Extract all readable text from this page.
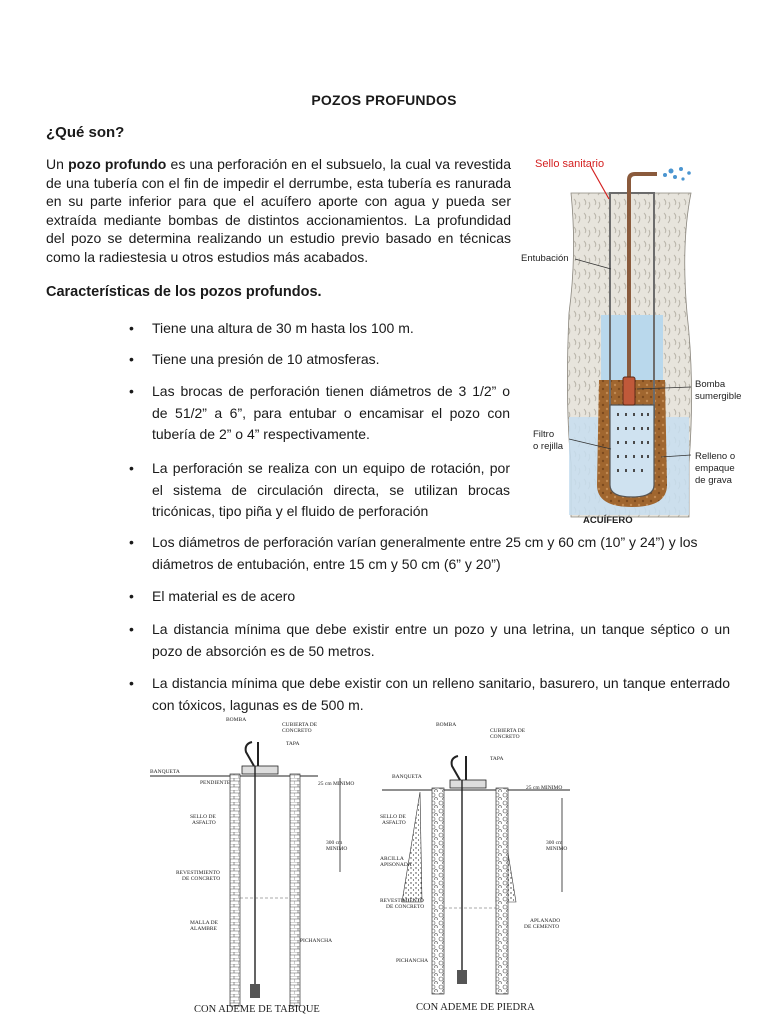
POZOS PROFUNDOS
¿Qué son?

Un pozo profundo es una perforación en el subsuelo, la cual va revestida de una tubería con el fin de impedir el derrumbe, esta tubería es ranurada en su parte inferior para que el acuífero aporte con agua y pueda ser extraída mediante bombas de distintos accionamientos. La profundidad del pozo se determina realizando un estudio previo basado en técnicas como la radiestesia u otros estudios más acabados.

Características de los pozos profundos.
• Tiene una altura de 30 m hasta los 100 m.
• Tiene una presión de 10 atmosferas.
• Las brocas de perforación tienen diámetros de 3 1/2” o de 51/2” a 6”, para entubar o encamisar el pozo con tubería de 2” o 4” respectivamente.
• La perforación se realiza con un equipo de rotación, por el sistema de circulación directa, se utilizan brocas tricónicas, tipo piña y el fluido de perforación
• Los diámetros de perforación varían generalmente entre 25 cm y 60 cm (10” y 24”) y los diámetros de entubación, entre 15 cm y 50 cm (6” y 20”)
• El material es de acero
• La distancia mínima que debe existir entre un pozo y una letrina, un tanque séptico o un pozo de absorción es de 50 metros.
• La distancia mínima que debe existir con un relleno sanitario, basurero, un tanque enterrado con tóxicos, lagunas es de 500 m.
Sello sanitario
Entubación
Bomba
sumergible
Filtro
o rejilla
Relleno o
empaque
de grava
ACUÍFERO
BOMBA
CUBIERTA DE
CONCRETO
TAPA
BANQUETA
PENDIENTE	25 cm MINIMO
SELLO DE
ASFALTO
300 cm
MINIMO
REVESTIMIENTO
DE CONCRETO
MALLA DE
ALAMBRE
PICHANCHA
CON ADEME DE TABIQUE
BOMBA
CUBIERTA DE
CONCRETO
TAPA
BANQUETA
25 cm MINIMO
SELLO DE
ASFALTO
300 cm
MINIMO
ARCILLA
APISONADA
REVESTIMIENTO
DE CONCRETO
APLANADO
DE CEMENTO
PICHANCHA
CON ADEME DE PIEDRA
